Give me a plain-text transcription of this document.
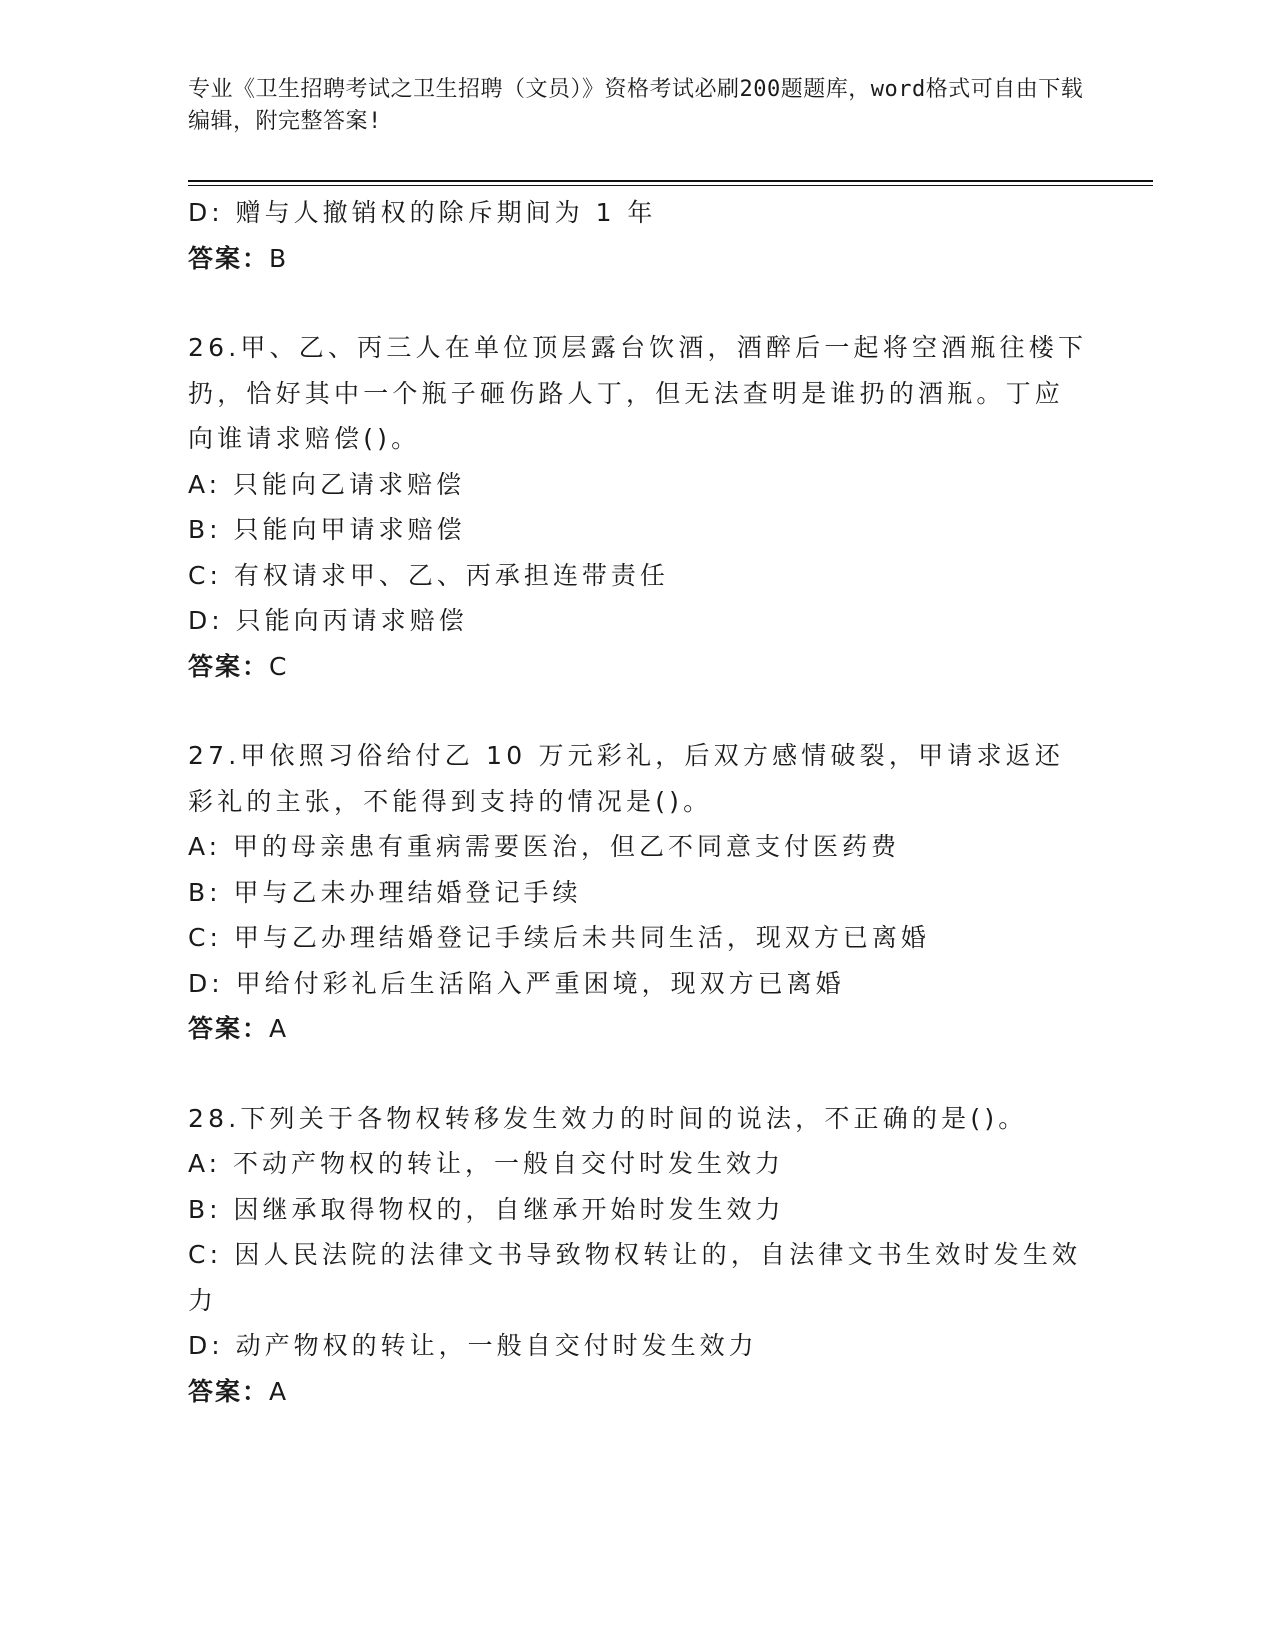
专业《卫生招聘考试之卫生招聘（文员）》资格考试必刷200题题库，word格式可自由下载编辑，附完整答案!
D: 赠与人撤销权的除斥期间为 1 年
答案：B
26.甲、乙、丙三人在单位顶层露台饮酒，酒醉后一起将空酒瓶往楼下扔，恰好其中一个瓶子砸伤路人丁，但无法查明是谁扔的酒瓶。丁应向谁请求赔偿()。
A: 只能向乙请求赔偿
B: 只能向甲请求赔偿
C: 有权请求甲、乙、丙承担连带责任
D: 只能向丙请求赔偿
答案：C
27.甲依照习俗给付乙 10 万元彩礼，后双方感情破裂，甲请求返还彩礼的主张，不能得到支持的情况是()。
A: 甲的母亲患有重病需要医治，但乙不同意支付医药费
B: 甲与乙未办理结婚登记手续
C: 甲与乙办理结婚登记手续后未共同生活，现双方已离婚
D: 甲给付彩礼后生活陷入严重困境，现双方已离婚
答案：A
28.下列关于各物权转移发生效力的时间的说法，不正确的是()。
A: 不动产物权的转让，一般自交付时发生效力
B: 因继承取得物权的，自继承开始时发生效力
C: 因人民法院的法律文书导致物权转让的，自法律文书生效时发生效力
D: 动产物权的转让，一般自交付时发生效力
答案：A
